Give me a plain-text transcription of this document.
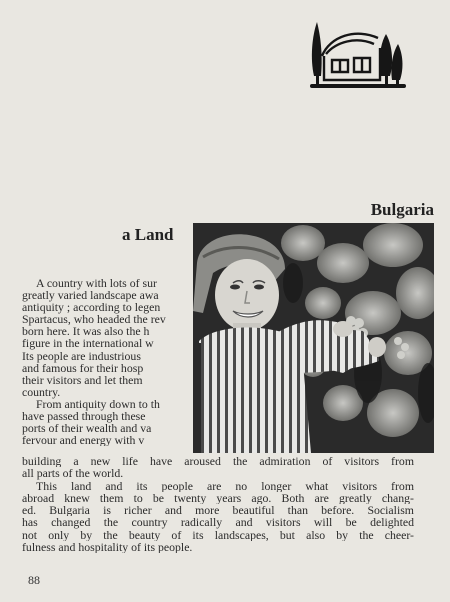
Bulgaria
a Land
A country with lots of sur
greatly varied landscape awa
antiquity ; according to legen
Spartacus, who headed the rev
born here. It was also the h
figure in the international w
Its people are industrious
and famous for their hosp
their visitors and let them
country.
From antiquity down to th
have passed through these
ports of their wealth and va
fervour and energy with v
building a new life have aroused the admiration of visitors from
all parts of the world.
This land and its people are no longer what visitors from
abroad knew them to be twenty years ago. Both are greatly chang-
ed. Bulgaria is richer and more beautiful than before. Socialism
has changed the country radically and visitors will be delighted
not only by the beauty of its landscapes, but also by the cheer-
fulness and hospitality of its people.
88
